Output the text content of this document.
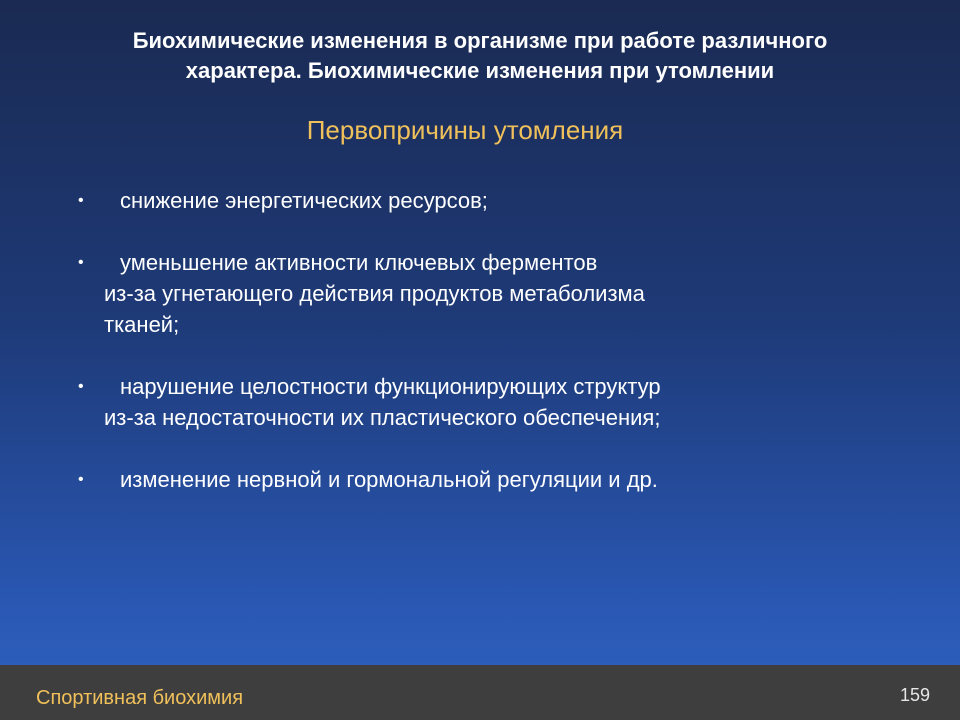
Биохимические изменения в организме при работе различного
характера. Биохимические изменения при утомлении
Первопричины утомления
•	снижение энергетических ресурсов;
•	уменьшение активности ключевых ферментов
из-за угнетающего действия продуктов метаболизма
тканей;
•	нарушение целостности функционирующих структур
из-за недостаточности их пластического обеспечения;
•	изменение нервной и гормональной регуляции и др.
Спортивная биохимия	159
